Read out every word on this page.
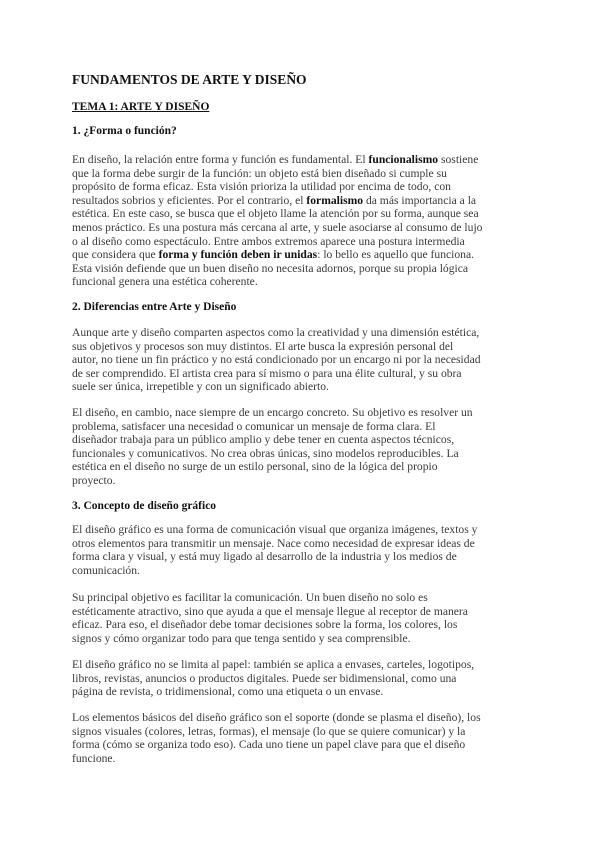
FUNDAMENTOS DE ARTE Y DISEÑO
TEMA 1: ARTE Y DISEÑO
1. ¿Forma o función?
En diseño, la relación entre forma y función es fundamental. El funcionalismo sostiene
que la forma debe surgir de la función: un objeto está bien diseñado si cumple su
propósito de forma eficaz. Esta visión prioriza la utilidad por encima de todo, con
resultados sobrios y eficientes. Por el contrario, el formalismo da más importancia a la
estética. En este caso, se busca que el objeto llame la atención por su forma, aunque sea
menos práctico. Es una postura más cercana al arte, y suele asociarse al consumo de lujo
o al diseño como espectáculo. Entre ambos extremos aparece una postura intermedia
que considera que forma y función deben ir unidas: lo bello es aquello que funciona.
Esta visión defiende que un buen diseño no necesita adornos, porque su propia lógica
funcional genera una estética coherente.
2. Diferencias entre Arte y Diseño
Aunque arte y diseño comparten aspectos como la creatividad y una dimensión estética,
sus objetivos y procesos son muy distintos. El arte busca la expresión personal del
autor, no tiene un fin práctico y no está condicionado por un encargo ni por la necesidad
de ser comprendido. El artista crea para sí mismo o para una élite cultural, y su obra
suele ser única, irrepetible y con un significado abierto.
El diseño, en cambio, nace siempre de un encargo concreto. Su objetivo es resolver un
problema, satisfacer una necesidad o comunicar un mensaje de forma clara. El
diseñador trabaja para un público amplio y debe tener en cuenta aspectos técnicos,
funcionales y comunicativos. No crea obras únicas, sino modelos reproducibles. La
estética en el diseño no surge de un estilo personal, sino de la lógica del propio
proyecto.
3. Concepto de diseño gráfico
El diseño gráfico es una forma de comunicación visual que organiza imágenes, textos y
otros elementos para transmitir un mensaje. Nace como necesidad de expresar ideas de
forma clara y visual, y está muy ligado al desarrollo de la industria y los medios de
comunicación.
Su principal objetivo es facilitar la comunicación. Un buen diseño no solo es
estéticamente atractivo, sino que ayuda a que el mensaje llegue al receptor de manera
eficaz. Para eso, el diseñador debe tomar decisiones sobre la forma, los colores, los
signos y cómo organizar todo para que tenga sentido y sea comprensible.
El diseño gráfico no se limita al papel: también se aplica a envases, carteles, logotipos,
libros, revistas, anuncios o productos digitales. Puede ser bidimensional, como una
página de revista, o tridimensional, como una etiqueta o un envase.
Los elementos básicos del diseño gráfico son el soporte (donde se plasma el diseño), los
signos visuales (colores, letras, formas), el mensaje (lo que se quiere comunicar) y la
forma (cómo se organiza todo eso). Cada uno tiene un papel clave para que el diseño
funcione.
